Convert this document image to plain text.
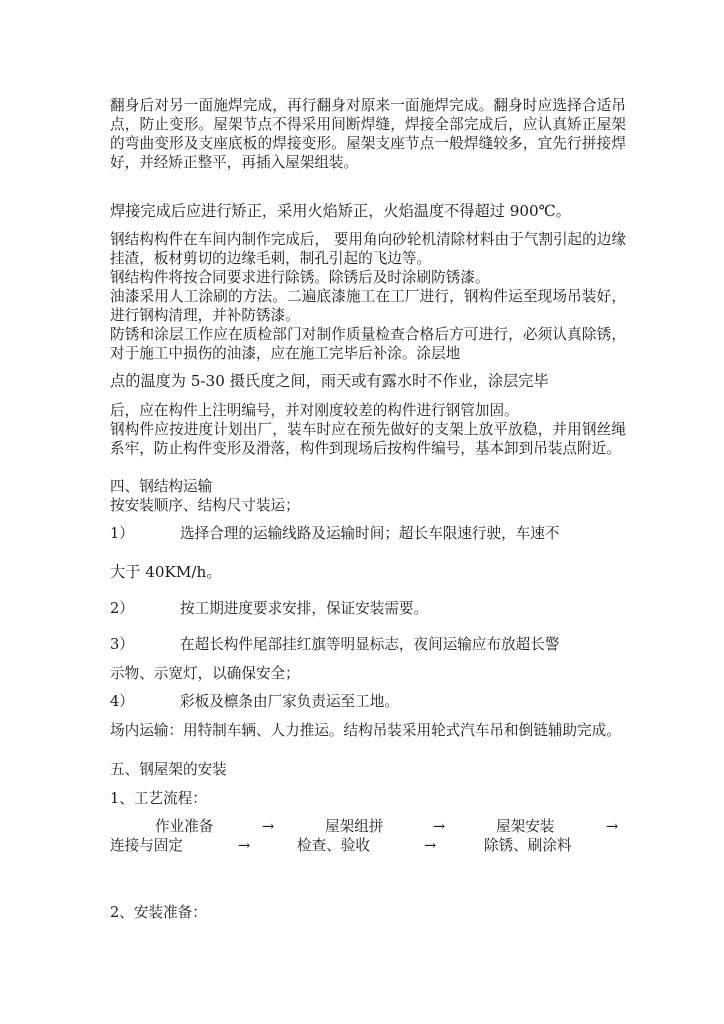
翻身后对另一面施焊完成，再行翻身对原来一面施焊完成。翻身时应选择合适吊点，防止变形。屋架节点不得采用间断焊缝，焊接全部完成后，应认真矫正屋架的弯曲变形及支座底板的焊接变形。屋架支座节点一般焊缝较多，宜先行拼接焊好，并经矫正整平，再插入屋架组装。
焊接完成后应进行矫正，采用火焰矫正，火焰温度不得超过 900℃。
钢结构构件在车间内制作完成后， 要用角向砂轮机清除材料由于气割引起的边缘挂渣，板材剪切的边缘毛刺，制孔引起的飞边等。
钢结构件将按合同要求进行除锈。除锈后及时涂刷防锈漆。
油漆采用人工涂刷的方法。二遍底漆施工在工厂进行，钢构件运至现场吊装好，进行钢构清理，并补防锈漆。
防锈和涂层工作应在质检部门对制作质量检查合格后方可进行，必须认真除锈，对于施工中损伤的油漆，应在施工完毕后补涂。涂层地
点的温度为 5-30 摄氏度之间，雨天或有露水时不作业，涂层完毕
后，应在构件上注明编号，并对刚度较差的构件进行钢管加固。
钢构件应按进度计划出厂，装车时应在预先做好的支架上放平放稳，并用钢丝绳系牢，防止构件变形及滑落，构件到现场后按构件编号，基本卸到吊装点附近。
四、钢结构运输
按安装顺序、结构尺寸装运；
1）	选择合理的运输线路及运输时间；超长车限速行驶，车速不
大于 40KM/h。
2）	按工期进度要求安排，保证安装需要。
3）	在超长构件尾部挂红旗等明显标志，夜间运输应布放超长警
示物、示宽灯，以确保安全；
4）	彩板及檩条由厂家负责运至工地。
场内运输：用特制车辆、人力推运。结构吊装采用轮式汽车吊和倒链辅助完成。
五、钢屋架的安装
1、工艺流程：
作业准备	→	屋架组拼	→	屋架安装	→
连接与固定	→	检查、验收	→	除锈、刷涂料
2、安装准备：
